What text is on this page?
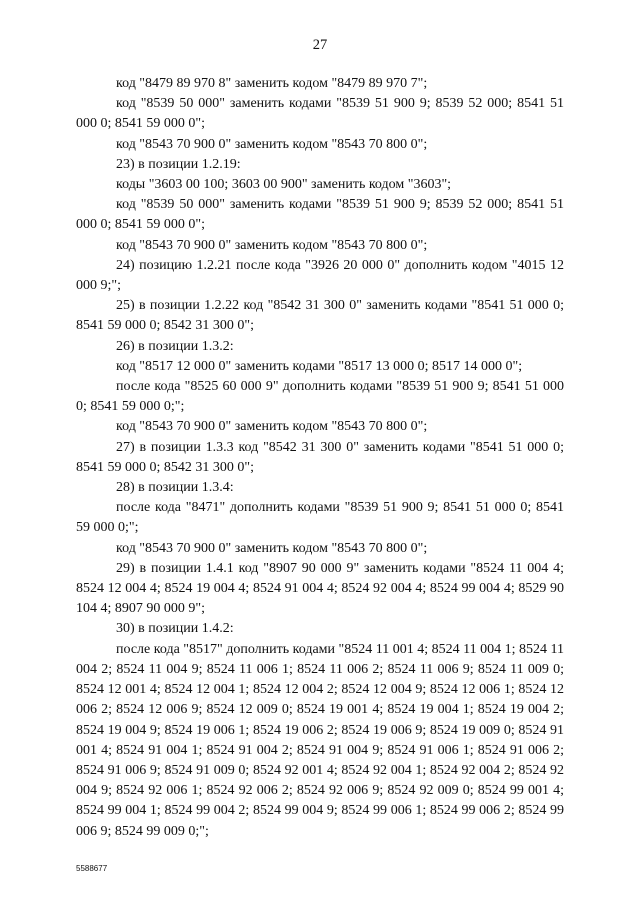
27

код "8479 89 970 8" заменить кодом "8479 89 970 7";

код "8539 50 000" заменить кодами "8539 51 900 9; 8539 52 000; 8541 51 000 0; 8541 59 000 0";

код "8543 70 900 0" заменить кодом "8543 70 800 0";

23) в позиции 1.2.19:

коды "3603 00 100; 3603 00 900" заменить кодом "3603";

код "8539 50 000" заменить кодами "8539 51 900 9; 8539 52 000; 8541 51 000 0; 8541 59 000 0";

код "8543 70 900 0" заменить кодом "8543 70 800 0";

24) позицию 1.2.21 после кода "3926 20 000 0" дополнить кодом "4015 12 000 9;";

25) в позиции 1.2.22 код "8542 31 300 0" заменить кодами "8541 51 000 0; 8541 59 000 0; 8542 31 300 0";

26) в позиции 1.3.2:

код "8517 12 000 0" заменить кодами "8517 13 000 0; 8517 14 000 0";

после кода "8525 60 000 9" дополнить кодами "8539 51 900 9; 8541 51 000 0; 8541 59 000 0;";

код "8543 70 900 0" заменить кодом "8543 70 800 0";

27) в позиции 1.3.3 код "8542 31 300 0" заменить кодами "8541 51 000 0; 8541 59 000 0; 8542 31 300 0";

28) в позиции 1.3.4:

после кода "8471" дополнить кодами "8539 51 900 9; 8541 51 000 0; 8541 59 000 0;";

код "8543 70 900 0" заменить кодом "8543 70 800 0";

29) в позиции 1.4.1 код "8907 90 000 9" заменить кодами "8524 11 004 4; 8524 12 004 4; 8524 19 004 4; 8524 91 004 4; 8524 92 004 4; 8524 99 004 4; 8529 90 104 4; 8907 90 000 9";

30) в позиции 1.4.2:

после кода "8517" дополнить кодами "8524 11 001 4; 8524 11 004 1; 8524 11 004 2; 8524 11 004 9; 8524 11 006 1; 8524 11 006 2; 8524 11 006 9; 8524 11 009 0; 8524 12 001 4; 8524 12 004 1; 8524 12 004 2; 8524 12 004 9; 8524 12 006 1; 8524 12 006 2; 8524 12 006 9; 8524 12 009 0; 8524 19 001 4; 8524 19 004 1; 8524 19 004 2; 8524 19 004 9; 8524 19 006 1; 8524 19 006 2; 8524 19 006 9; 8524 19 009 0; 8524 91 001 4; 8524 91 004 1; 8524 91 004 2; 8524 91 004 9; 8524 91 006 1; 8524 91 006 2; 8524 91 006 9; 8524 91 009 0; 8524 92 001 4; 8524 92 004 1; 8524 92 004 2; 8524 92 004 9; 8524 92 006 1; 8524 92 006 2; 8524 92 006 9; 8524 92 009 0; 8524 99 001 4; 8524 99 004 1; 8524 99 004 2; 8524 99 004 9; 8524 99 006 1; 8524 99 006 2; 8524 99 006 9; 8524 99 009 0;";

5588677
